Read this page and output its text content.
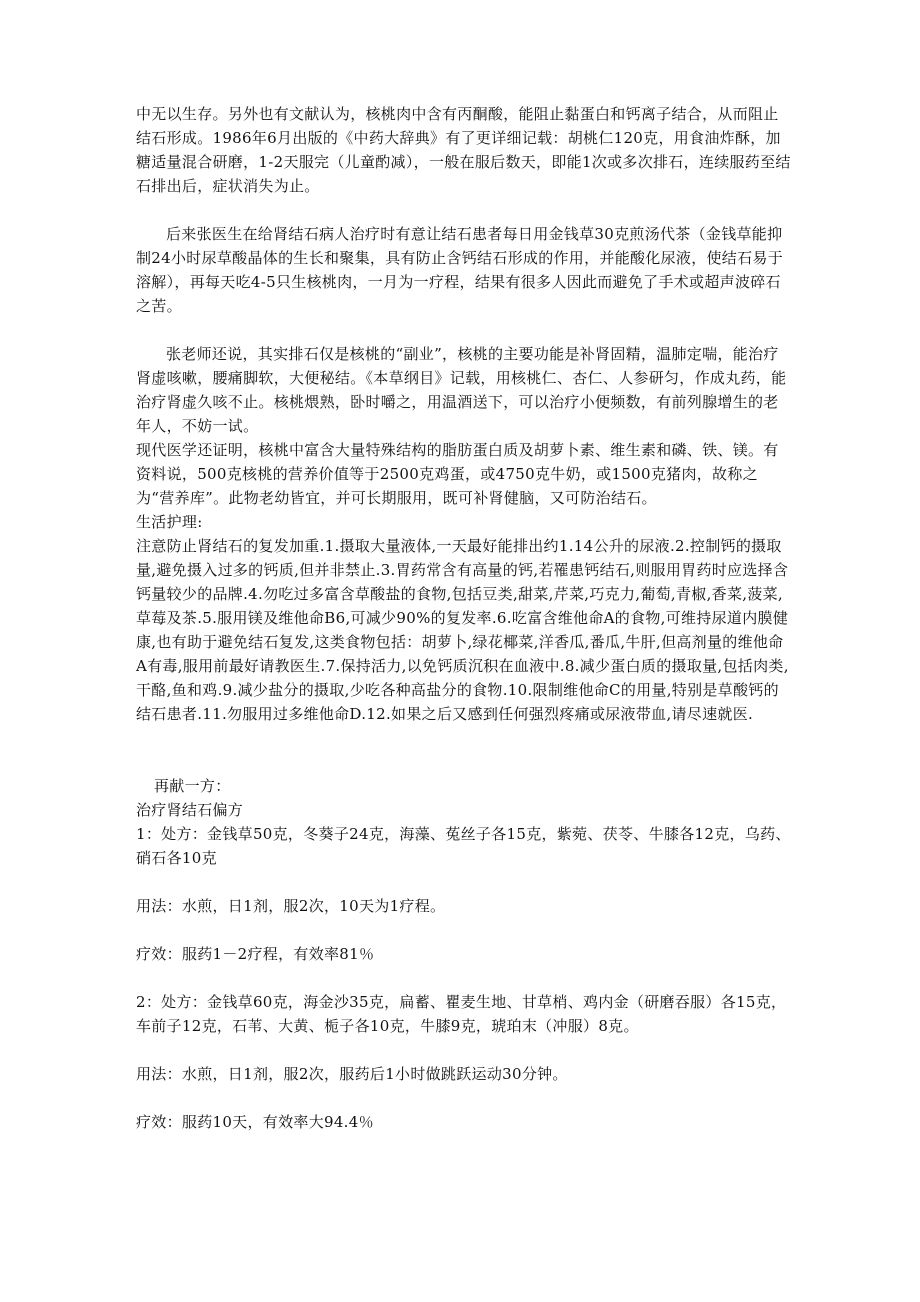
中无以生存。另外也有文献认为，核桃肉中含有丙酮酸，能阻止黏蛋白和钙离子结合，从而阻止结石形成。1986年6月出版的《中药大辞典》有了更详细记载：胡桃仁120克，用食油炸酥，加糖适量混合研磨，1-2天服完（儿童酌减），一般在服后数天，即能1次或多次排石，连续服药至结石排出后，症状消失为止。

后来张医生在给肾结石病人治疗时有意让结石患者每日用金钱草30克煎汤代茶（金钱草能抑制24小时尿草酸晶体的生长和聚集，具有防止含钙结石形成的作用，并能酸化尿液，使结石易于溶解），再每天吃4-5只生核桃肉，一月为一疗程，结果有很多人因此而避免了手术或超声波碎石之苦。

张老师还说，其实排石仅是核桃的“副业”，核桃的主要功能是补肾固精，温肺定喘，能治疗肾虚咳嗽，腰痛脚软，大便秘结。《本草纲目》记载，用核桃仁、杏仁、人参研匀，作成丸药，能治疗肾虚久咳不止。核桃煨熟，卧时嚼之，用温酒送下，可以治疗小便频数，有前列腺增生的老年人，不妨一试。

现代医学还证明，核桃中富含大量特殊结构的脂肪蛋白质及胡萝卜素、维生素和磷、铁、镁。有资料说，500克核桃的营养价值等于2500克鸡蛋，或4750克牛奶，或1500克猪肉，故称之为“营养库”。此物老幼皆宜，并可长期服用，既可补肾健脑，又可防治结石。

生活护理:

注意防止肾结石的复发加重.1.摄取大量液体,一天最好能排出约1.14公升的尿液.2.控制钙的摄取量,避免摄入过多的钙质,但并非禁止.3.胃药常含有高量的钙,若罹患钙结石,则服用胃药时应选择含钙量较少的品牌.4.勿吃过多富含草酸盐的食物,包括豆类,甜菜,芹菜,巧克力,葡萄,青椒,香菜,菠菜,草莓及茶.5.服用镁及维他命B6,可减少90%的复发率.6.吃富含维他命A的食物,可维持尿道内膜健康,也有助于避免结石复发,这类食物包括：胡萝卜,绿花椰菜,洋香瓜,番瓜,牛肝,但高剂量的维他命A有毒,服用前最好请教医生.7.保持活力,以免钙质沉积在血液中.8.减少蛋白质的摄取量,包括肉类,干酪,鱼和鸡.9.减少盐分的摄取,少吃各种高盐分的食物.10.限制维他命C的用量,特别是草酸钙的结石患者.11.勿服用过多维他命D.12.如果之后又感到任何强烈疼痛或尿液带血,请尽速就医.

再献一方：

治疗肾结石偏方

1：处方：金钱草50克，冬葵子24克，海藻、菟丝子各15克，紫菀、茯苓、牛膝各12克，乌药、硝石各10克

用法：水煎，日1剂，服2次，10天为1疗程。

疗效：服药1－2疗程，有效率81％

2：处方：金钱草60克，海金沙35克，扁蓄、瞿麦生地、甘草梢、鸡内金（研磨吞服）各15克，车前子12克，石苇、大黄、栀子各10克，牛膝9克，琥珀末（冲服）8克。

用法：水煎，日1剂，服2次，服药后1小时做跳跃运动30分钟。

疗效：服药10天，有效率大94.4％
